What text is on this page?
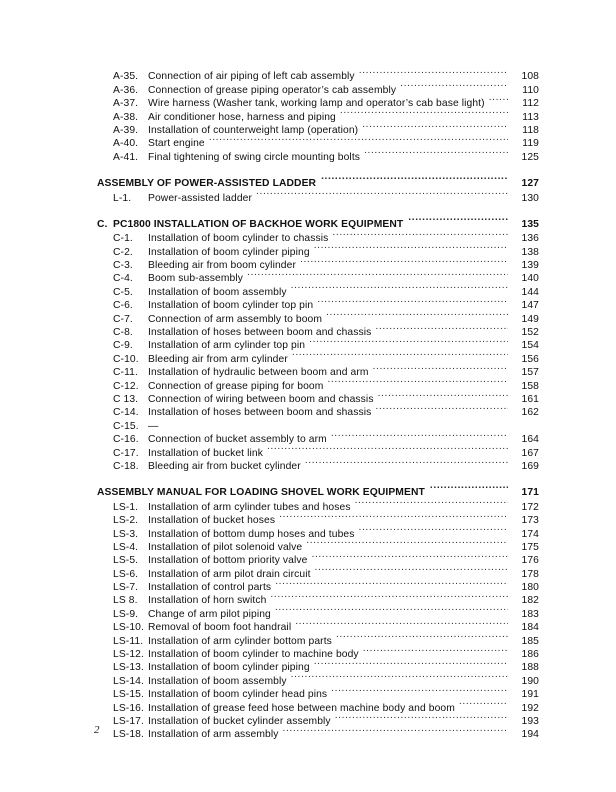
A-35. Connection of air piping of left cab assembly .....	108
A-36. Connection of grease piping operator’s cab assembly .....	110
A-37. Wire harness (Washer tank, working lamp and operator’s cab base light) .....	112
A-38. Air conditioner hose, harness and piping .....	113
A-39. Installation of counterweight lamp (operation) .....	118
A-40. Start engine .....	119
A-41. Final tightening of swing circle mounting bolts .....	125
ASSEMBLY OF POWER-ASSISTED LADDER .....	127
L-1.	Power-assisted ladder .....	130
C. PC1800 INSTALLATION OF BACKHOE WORK EQUIPMENT .....	135
C-1.	Installation of boom cylinder to chassis .....	136
C-2.	Installation of boom cylinder piping .....	138
C-3.	Bleeding air from boom cylinder .....	139
C-4.	Boom sub-assembly .....	140
C-5.	Installation of boom assembly .....	144
C-6.	Installation of boom cylinder top pin .....	147
C-7.	Connection of arm assembly to boom .....	149
C-8.	Installation of hoses between boom and chassis .....	152
C-9.	Installation of arm cylinder top pin .....	154
C-10. Bleeding air from arm cylinder .....	156
C-11. Installation of hydraulic between boom and arm .....	157
C-12. Connection of grease piping for boom .....	158
C 13. Connection of wiring between boom and chassis .....	161
C-14. Installation of hoses between boom and shassis .....	162
C-15. —
C-16. Connection of bucket assembly to arm .....	164
C-17. Installation of bucket link .....	167
C-18. Bleeding air from bucket cylinder .....	169
ASSEMBLY MANUAL FOR LOADING SHOVEL WORK EQUIPMENT .....	171
LS-1. Installation of arm cylinder tubes and hoses .....	172
LS-2. Installation of bucket hoses .....	173
LS-3. Installation of bottom dump hoses and tubes .....	174
LS-4. Installation of pilot solenoid valve .....	175
LS-5. Installation of bottom priority valve .....	176
LS-6. Installation of arm pilot drain circuit .....	178
LS-7. Installation of control parts .....	180
LS 8.	Installation of horn switch .....	182
LS-9. Change of arm pilot piping .....	183
LS-10. Removal of boom foot handrail .....	184
LS-11. Installation of arm cylinder bottom parts .....	185
LS-12. Installation of boom cylinder to machine body .....	186
LS-13. Installation of boom cylinder piping .....	188
LS-14. Installation of boom assembly .....	190
LS-15. Installation of boom cylinder head pins .....	191
LS-16. Installation of grease feed hose between machine body and boom .....	192
LS-17. Installation of bucket cylinder assembly .....	193
LS-18. Installation of arm assembly .....	194
2
